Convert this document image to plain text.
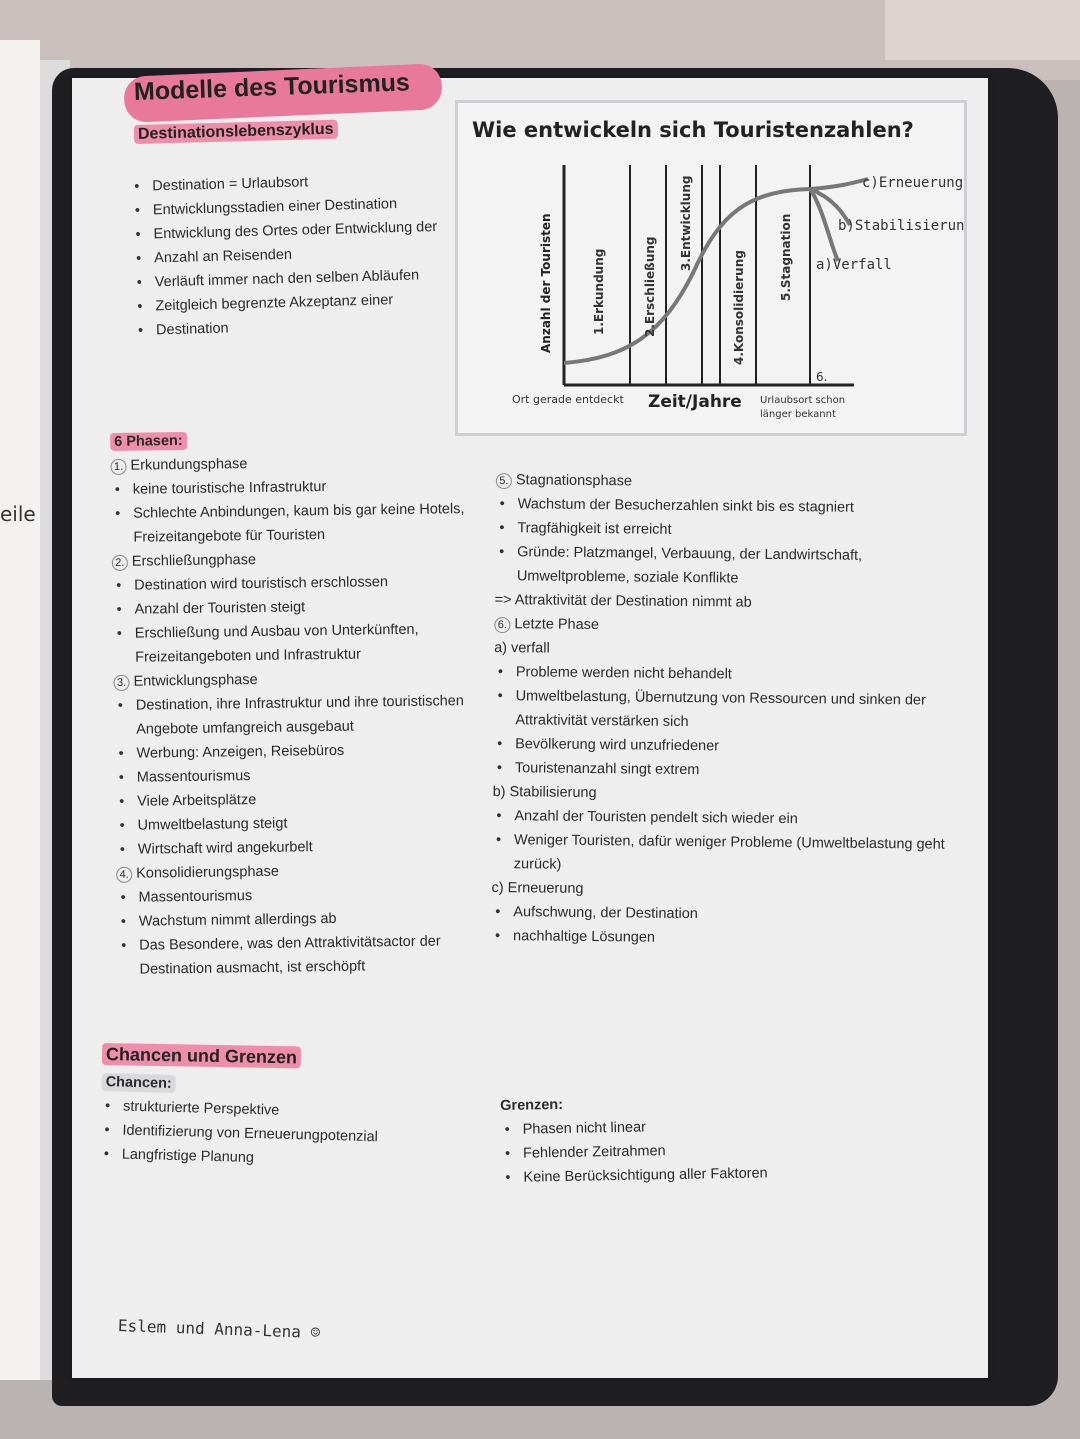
eile
Modelle des Tourismus
Destinationslebenszyklus
• Destination = Urlaubsort
• Entwicklungsstadien einer Destination
• Entwicklung des Ortes oder Entwicklung der
• Anzahl an Reisenden
• Verläuft immer nach den selben Abläufen
• Zeitgleich begrenzte Akzeptanz einer
• Destination
Wie entwickeln sich Touristenzahlen?
Anzahl der Touristen	1.Erkundung	2.Erschließung
3.Entwicklung
4.Konsolidierung	5.Stagnation
6.
c)Erneuerung
b)Stabilisierung
a)Verfall
Ort gerade entdeckt Zeit/Jahre Urlaubsort schon
länger bekannt
6 Phasen:
1. Erkundungsphase
• keine touristische Infrastruktur
• Schlechte Anbindungen, kaum bis gar keine Hotels,
Freizeitangebote für Touristen
2. Erschließungphase
• Destination wird touristisch erschlossen
• Anzahl der Touristen steigt
• Erschließung und Ausbau von Unterkünften,
Freizeitangeboten und Infrastruktur
3. Entwicklungsphase
• Destination, ihre Infrastruktur und ihre touristischen
Angebote umfangreich ausgebaut
• Werbung: Anzeigen, Reisebüros
• Massentourismus
• Viele Arbeitsplätze
• Umweltbelastung steigt
• Wirtschaft wird angekurbelt
4. Konsolidierungsphase
• Massentourismus
• Wachstum nimmt allerdings ab
• Das Besondere, was den Attraktivitätsactor der
Destination ausmacht, ist erschöpft
5. Stagnationsphase
• Wachstum der Besucherzahlen sinkt bis es stagniert
• Tragfähigkeit ist erreicht
• Gründe: Platzmangel, Verbauung, der Landwirtschaft,
Umweltprobleme, soziale Konflikte
=> Attraktivität der Destination nimmt ab
6. Letzte Phase
a) verfall
• Probleme werden nicht behandelt
• Umweltbelastung, Übernutzung von Ressourcen und sinken der
Attraktivität verstärken sich
• Bevölkerung wird unzufriedener
• Touristenanzahl singt extrem
b) Stabilisierung
• Anzahl der Touristen pendelt sich wieder ein
• Weniger Touristen, dafür weniger Probleme (Umweltbelastung geht
zurück)
c) Erneuerung
• Aufschwung, der Destination
• nachhaltige Lösungen
Chancen und Grenzen
Chancen:
• strukturierte Perspektive
• Identifizierung von Erneuerungpotenzial
• Langfristige Planung
Grenzen:
• Phasen nicht linear
• Fehlender Zeitrahmen
• Keine Berücksichtigung aller Faktoren
Eslem und Anna-Lena ☺
